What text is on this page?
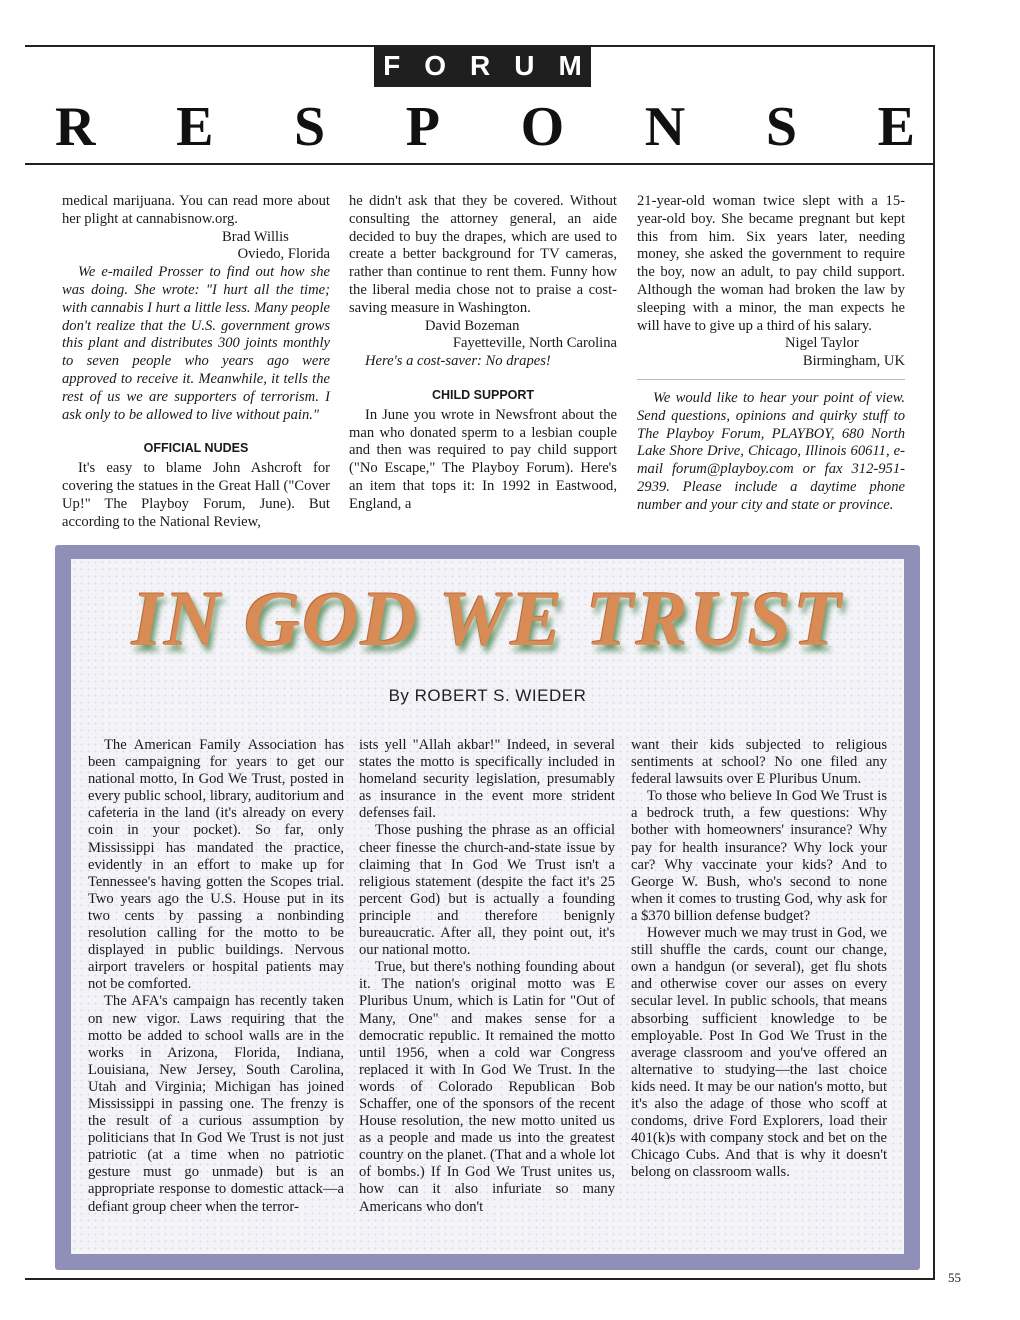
FORUM
R E S P O N S E

medical marijuana. You can read more about her plight at cannabisnow.org.

Brad Willis

Oviedo, Florida

We e-mailed Prosser to find out how she was doing. She wrote: "I hurt all the time; with cannabis I hurt a little less. Many people don't realize that the U.S. government grows this plant and distributes 300 joints monthly to seven people who years ago were approved to receive it. Meanwhile, it tells the rest of us we are supporters of terrorism. I ask only to be allowed to live without pain."

OFFICIAL NUDES

It's easy to blame John Ashcroft for covering the statues in the Great Hall ("Cover Up!" The Playboy Forum, June). But according to the National Review,

he didn't ask that they be covered. Without consulting the attorney general, an aide decided to buy the drapes, which are used to create a better background for TV cameras, rather than continue to rent them. Funny how the liberal media chose not to praise a cost-saving measure in Washington.

David Bozeman

Fayetteville, North Carolina

Here's a cost-saver: No drapes!

CHILD SUPPORT

In June you wrote in Newsfront about the man who donated sperm to a lesbian couple and then was required to pay child support ("No Escape," The Playboy Forum). Here's an item that tops it: In 1992 in Eastwood, England, a

21-year-old woman twice slept with a 15-year-old boy. She became pregnant but kept this from him. Six years later, needing money, she asked the government to require the boy, now an adult, to pay child support. Although the woman had broken the law by sleeping with a minor, the man expects he will have to give up a third of his salary.

Nigel Taylor

Birmingham, UK

We would like to hear your point of view. Send questions, opinions and quirky stuff to The Playboy Forum, PLAYBOY, 680 North Lake Shore Drive, Chicago, Illinois 60611, e-mail forum@playboy.com or fax 312-951-2939. Please include a daytime phone number and your city and state or province.

IN GOD WE TRUST
By ROBERT S. WIEDER

The American Family Association has been campaigning for years to get our national motto, In God We Trust, posted in every public school, library, auditorium and cafeteria in the land (it's already on every coin in your pocket). So far, only Mississippi has mandated the practice, evidently in an effort to make up for Tennessee's having gotten the Scopes trial. Two years ago the U.S. House put in its two cents by passing a nonbinding resolution calling for the motto to be displayed in public buildings. Nervous airport travelers or hospital patients may not be comforted.

The AFA's campaign has recently taken on new vigor. Laws requiring that the motto be added to school walls are in the works in Arizona, Florida, Indiana, Louisiana, New Jersey, South Carolina, Utah and Virginia; Michigan has joined Mississippi in passing one. The frenzy is the result of a curious assumption by politicians that In God We Trust is not just patriotic (at a time when no patriotic gesture must go unmade) but is an appropriate response to domestic attack—a defiant group cheer when the terror-

ists yell "Allah akbar!" Indeed, in several states the motto is specifically included in homeland security legislation, presumably as insurance in the event more strident defenses fail.

Those pushing the phrase as an official cheer finesse the church-and-state issue by claiming that In God We Trust isn't a religious statement (despite the fact it's 25 percent God) but is actually a founding principle and therefore benignly bureaucratic. After all, they point out, it's our national motto.

True, but there's nothing founding about it. The nation's original motto was E Pluribus Unum, which is Latin for "Out of Many, One" and makes sense for a democratic republic. It remained the motto until 1956, when a cold war Congress replaced it with In God We Trust. In the words of Colorado Republican Bob Schaffer, one of the sponsors of the recent House resolution, the new motto united us as a people and made us into the greatest country on the planet. (That and a whole lot of bombs.) If In God We Trust unites us, how can it also infuriate so many Americans who don't

want their kids subjected to religious sentiments at school? No one filed any federal lawsuits over E Pluribus Unum.

To those who believe In God We Trust is a bedrock truth, a few questions: Why bother with homeowners' insurance? Why pay for health insurance? Why lock your car? Why vaccinate your kids? And to George W. Bush, who's second to none when it comes to trusting God, why ask for a $370 billion defense budget?

However much we may trust in God, we still shuffle the cards, count our change, own a handgun (or several), get flu shots and otherwise cover our asses on every secular level. In public schools, that means absorbing sufficient knowledge to be employable. Post In God We Trust in the average classroom and you've offered an alternative to studying—the last choice kids need. It may be our nation's motto, but it's also the adage of those who scoff at condoms, drive Ford Explorers, load their 401(k)s with company stock and bet on the Chicago Cubs. And that is why it doesn't belong on classroom walls.

55
